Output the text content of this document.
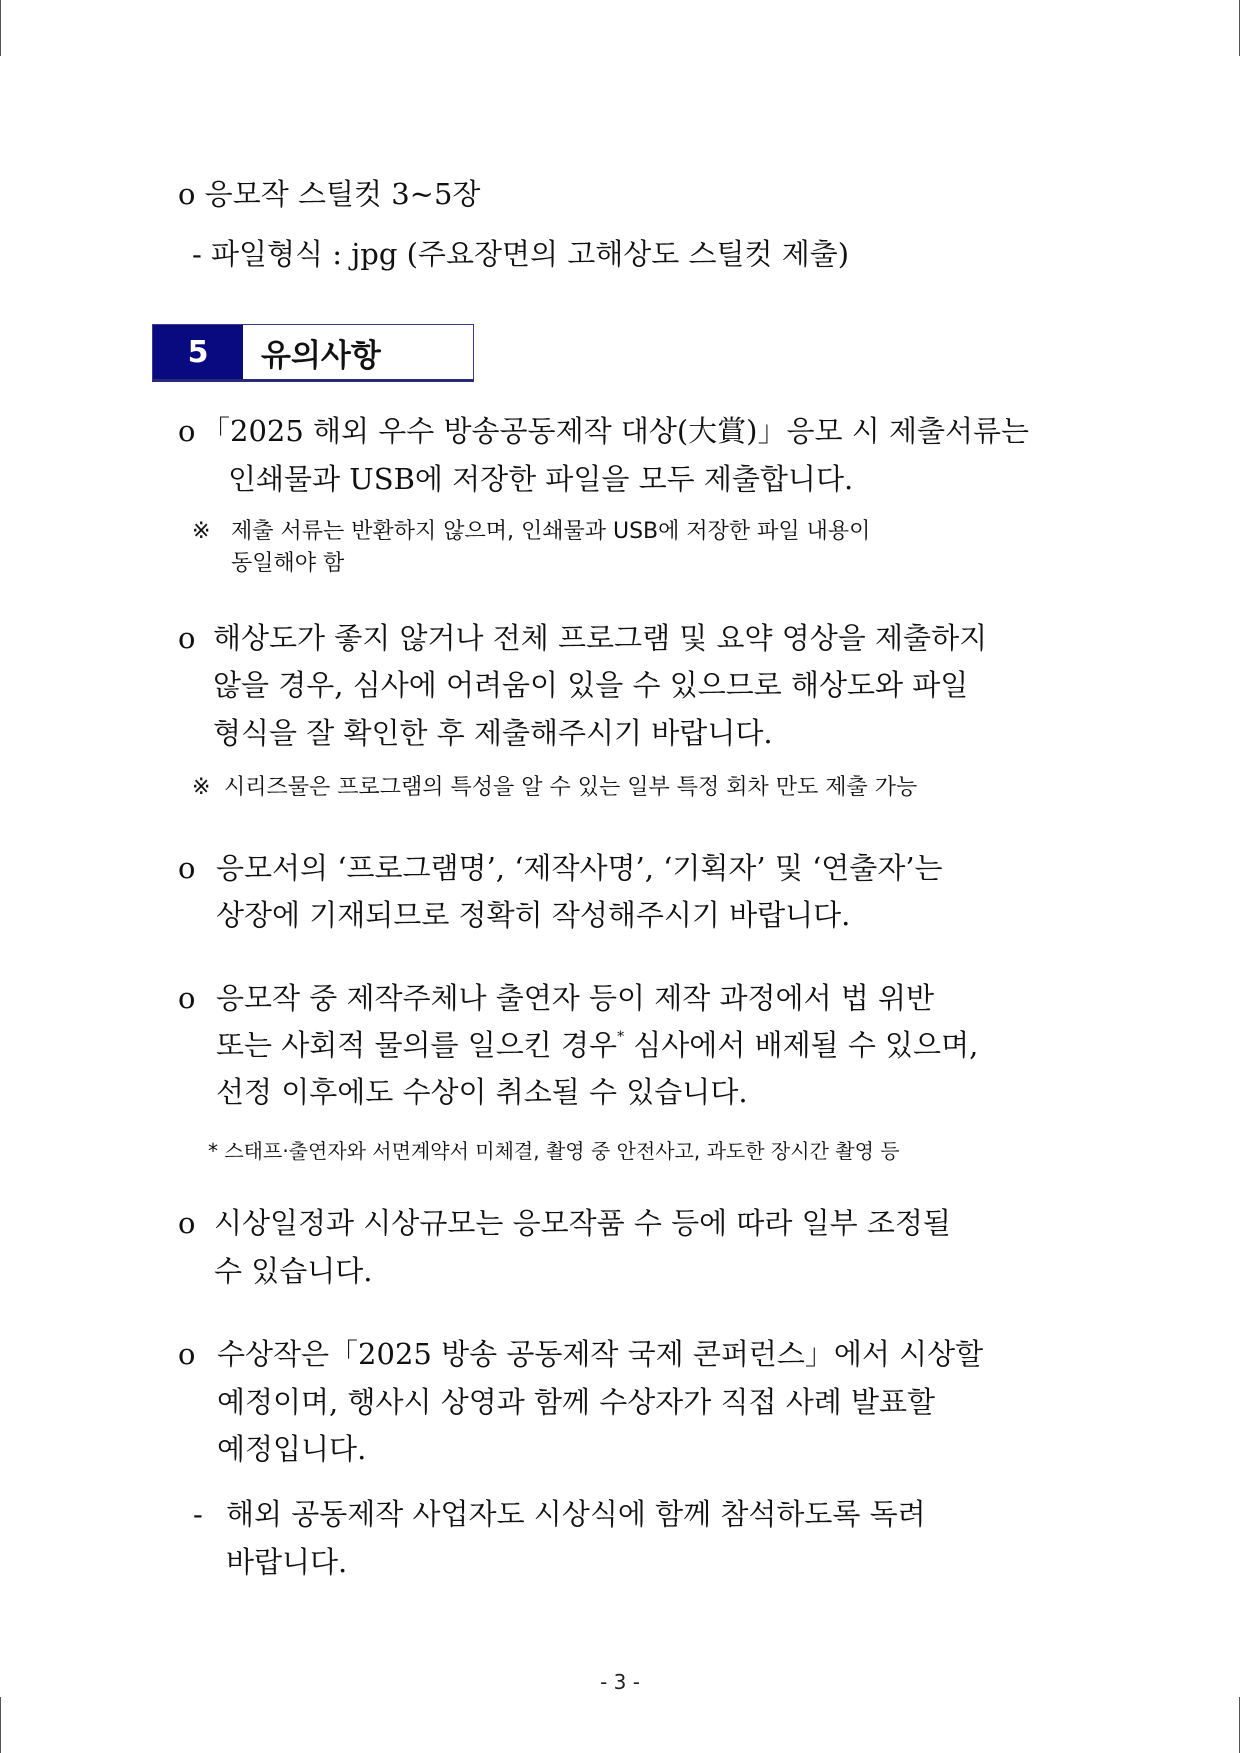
o 응모작 스틸컷 3~5장
- 파일형식 : jpg (주요장면의 고해상도 스틸컷 제출)
5	유의사항
o 「2025 해외 우수 방송공동제작 대상(大賞)」응모 시 제출서류는
인쇄물과 USB에 저장한 파일을 모두 제출합니다.
※ 제출 서류는 반환하지 않으며, 인쇄물과 USB에 저장한 파일 내용이
동일해야 함
o 해상도가 좋지 않거나 전체 프로그램 및 요약 영상을 제출하지
않을 경우, 심사에 어려움이 있을 수 있으므로 해상도와 파일
형식을 잘 확인한 후 제출해주시기 바랍니다.
※ 시리즈물은 프로그램의 특성을 알 수 있는 일부 특정 회차 만도 제출 가능
o 응모서의 ‘프로그램명’, ‘제작사명’, ‘기획자’ 및 ‘연출자’는
상장에 기재되므로 정확히 작성해주시기 바랍니다.
o 응모작 중 제작주체나 출연자 등이 제작 과정에서 법 위반
또는 사회적 물의를 일으킨 경우* 심사에서 배제될 수 있으며,
선정 이후에도 수상이 취소될 수 있습니다.
* 스태프·출연자와 서면계약서 미체결, 촬영 중 안전사고, 과도한 장시간 촬영 등
o 시상일정과 시상규모는 응모작품 수 등에 따라 일부 조정될
수 있습니다.
o 수상작은「2025 방송 공동제작 국제 콘퍼런스」에서 시상할
예정이며, 행사시 상영과 함께 수상자가 직접 사례 발표할
예정입니다.
- 해외 공동제작 사업자도 시상식에 함께 참석하도록 독려
바랍니다.
- 3 -
